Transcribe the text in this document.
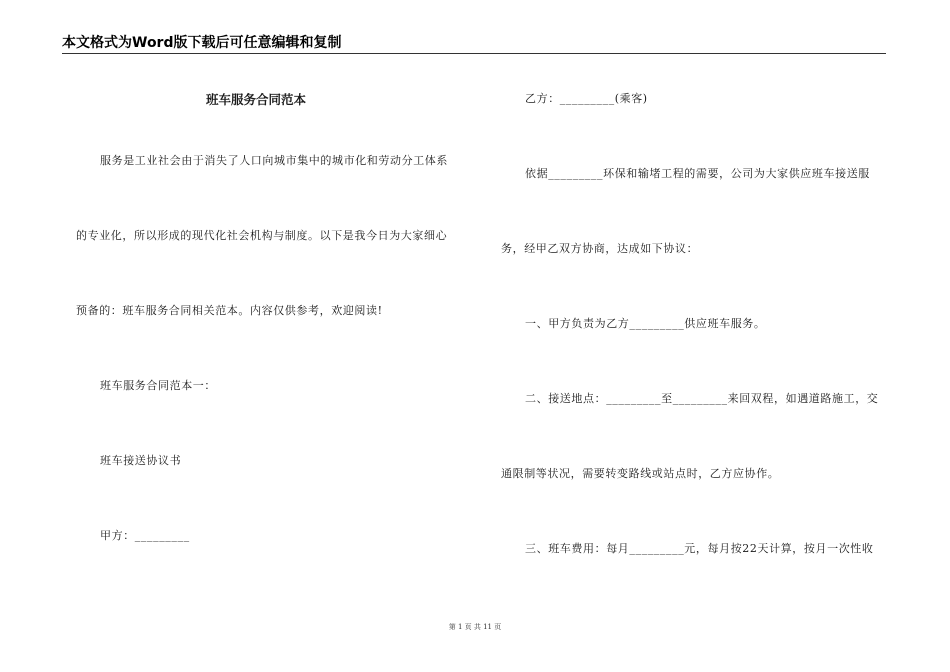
本文格式为Word版下载后可任意编辑和复制
班车服务合同范本
服务是工业社会由于消失了人口向城市集中的城市化和劳动分工体系
的专业化，所以形成的现代化社会机构与制度。以下是我今日为大家细心
预备的：班车服务合同相关范本。内容仅供参考，欢迎阅读!
班车服务合同范本一：
班车接送协议书
甲方：_________
乙方：_________(乘客)
依据_________环保和输堵工程的需要，公司为大家供应班车接送服
务，经甲乙双方协商，达成如下协议：
一、甲方负责为乙方_________供应班车服务。
二、接送地点：_________至_________来回双程，如遇道路施工，交
通限制等状况，需要转变路线或站点时，乙方应协作。
三、班车费用：每月_________元，每月按22天计算，按月一次性收
第 1 页 共 11 页
